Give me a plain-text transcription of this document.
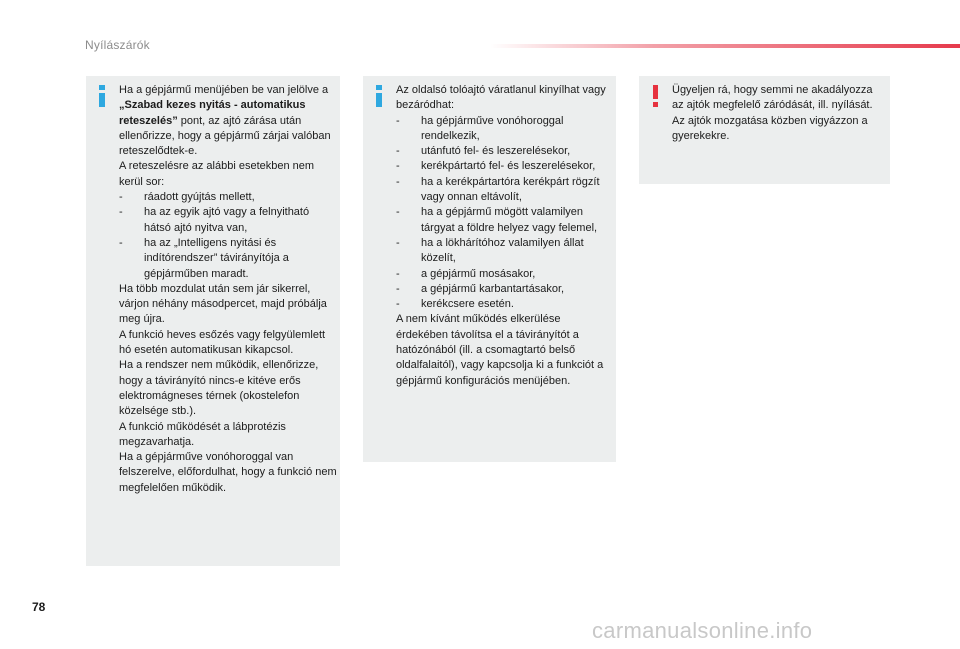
Nyílászárók

Ha a gépjármű menüjében be van jelölve a „Szabad kezes nyitás - automatikus reteszelés” pont, az ajtó zárása után ellenőrizze, hogy a gépjármű zárjai valóban reteszelődtek-e.

A reteszelésre az alábbi esetekben nem kerül sor:

- ráadott gyújtás mellett,

- ha az egyik ajtó vagy a felnyitható hátsó ajtó nyitva van,

- ha az „Intelligens nyitási és indítórendszer” távirányítója a gépjárműben maradt.

Ha több mozdulat után sem jár sikerrel, várjon néhány másodpercet, majd próbálja meg újra.

A funkció heves esőzés vagy felgyülemlett hó esetén automatikusan kikapcsol.

Ha a rendszer nem működik, ellenőrizze, hogy a távirányító nincs-e kitéve erős elektromágneses térnek (okostelefon közelsége stb.).

A funkció működését a lábprotézis megzavarhatja.

Ha a gépjárműve vonóhoroggal van felszerelve, előfordulhat, hogy a funkció nem megfelelően működik.

Az oldalsó tolóajtó váratlanul kinyílhat vagy bezáródhat:

- ha gépjárműve vonóhoroggal rendelkezik,

- utánfutó fel- és leszerelésekor,

- kerékpártartó fel- és leszerelésekor,

- ha a kerékpártartóra kerékpárt rögzít vagy onnan eltávolít,

- ha a gépjármű mögött valamilyen tárgyat a földre helyez vagy felemel,

- ha a lökhárítóhoz valamilyen állat közelít,

- a gépjármű mosásakor,

- a gépjármű karbantartásakor,

- kerékcsere esetén.

A nem kívánt működés elkerülése érdekében távolítsa el a távirányítót a hatózónából (ill. a csomagtartó belső oldalfalaitól), vagy kapcsolja ki a funkciót a gépjármű konfigurációs menüjében.

Ügyeljen rá, hogy semmi ne akadályozza az ajtók megfelelő záródását, ill. nyílását.

Az ajtók mozgatása közben vigyázzon a gyerekekre.

78
carmanualsonline.info
